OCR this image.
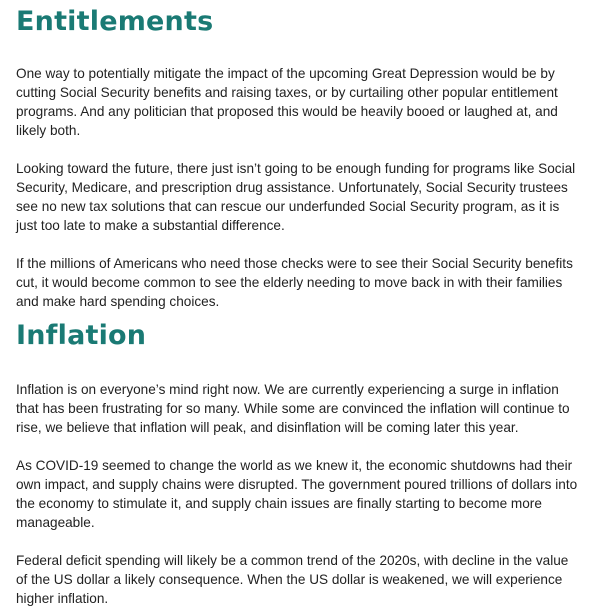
Entitlements

One way to potentially mitigate the impact of the upcoming Great Depression would be by cutting Social Security benefits and raising taxes, or by curtailing other popular entitlement programs. And any politician that proposed this would be heavily booed or laughed at, and likely both.

Looking toward the future, there just isn’t going to be enough funding for programs like Social Security, Medicare, and prescription drug assistance. Unfortunately, Social Security trustees see no new tax solutions that can rescue our underfunded Social Security program, as it is just too late to make a substantial difference.

If the millions of Americans who need those checks were to see their Social Security benefits cut, it would become common to see the elderly needing to move back in with their families and make hard spending choices.

Inflation

Inflation is on everyone’s mind right now. We are currently experiencing a surge in inflation that has been frustrating for so many. While some are convinced the inflation will continue to rise, we believe that inflation will peak, and disinflation will be coming later this year.

As COVID-19 seemed to change the world as we knew it, the economic shutdowns had their own impact, and supply chains were disrupted. The government poured trillions of dollars into the economy to stimulate it, and supply chain issues are finally starting to become more manageable.

Federal deficit spending will likely be a common trend of the 2020s, with decline in the value of the US dollar a likely consequence. When the US dollar is weakened, we will experience higher inflation.
